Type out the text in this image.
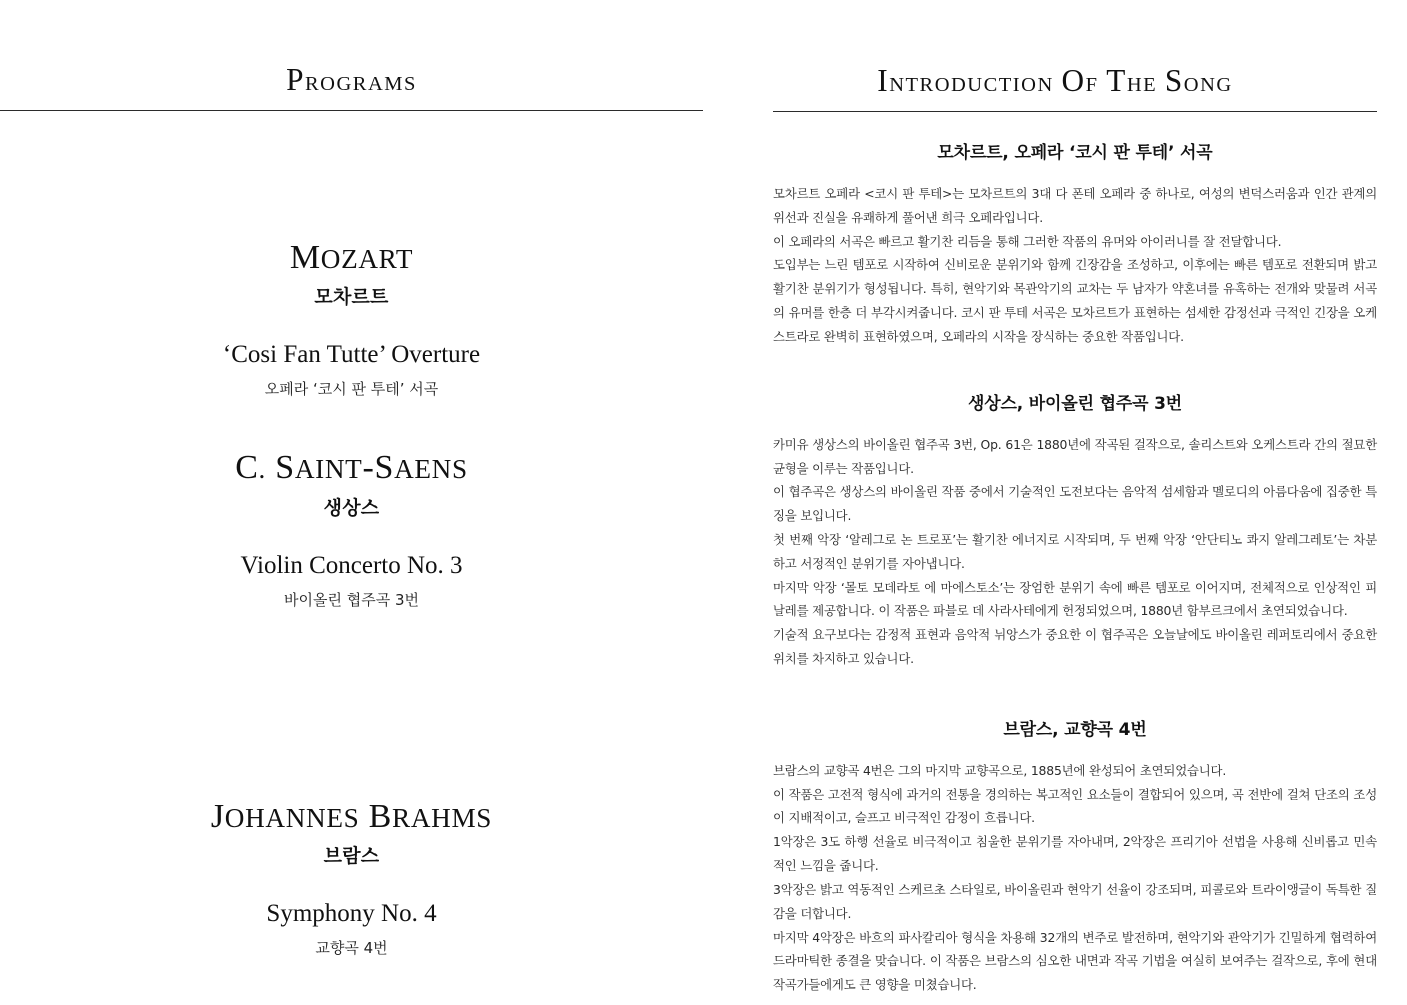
PROGRAMS
MOZART
모차르트
‘Cosi Fan Tutte’ Overture
오페라 ‘코시 판 투테’ 서곡
C. SAINT-SAENS
생상스
Violin Concerto No. 3
바이올린 협주곡 3번
JOHANNES BRAHMS
브람스
Symphony No. 4
교향곡 4번
INTRODUCTION OF THE SONG
모차르트, 오페라 ‘코시 판 투테’ 서곡

모차르트 오페라 <코시 판 투테>는 모차르트의 3대 다 폰테 오페라 중 하나로, 여성의 변덕스러움과 인간 관계의 위선과 진실을 유쾌하게 풀어낸 희극 오페라입니다.

이 오페라의 서곡은 빠르고 활기찬 리듬을 통해 그러한 작품의 유머와 아이러니를 잘 전달합니다.

도입부는 느린 템포로 시작하여 신비로운 분위기와 함께 긴장감을 조성하고, 이후에는 빠른 템포로 전환되며 밝고 활기찬 분위기가 형성됩니다. 특히, 현악기와 목관악기의 교차는 두 남자가 약혼녀를 유혹하는 전개와 맞물려 서곡의 유머를 한층 더 부각시켜줍니다. 코시 판 투테 서곡은 모차르트가 표현하는 섬세한 감정선과 극적인 긴장을 오케스트라로 완벽히 표현하였으며, 오페라의 시작을 장식하는 중요한 작품입니다.

생상스, 바이올린 협주곡 3번

카미유 생상스의 바이올린 협주곡 3번, Op. 61은 1880년에 작곡된 걸작으로, 솔리스트와 오케스트라 간의 절묘한 균형을 이루는 작품입니다.

이 협주곡은 생상스의 바이올린 작품 중에서 기술적인 도전보다는 음악적 섬세함과 멜로디의 아름다움에 집중한 특징을 보입니다.

첫 번째 악장 ‘알레그로 논 트로포’는 활기찬 에너지로 시작되며, 두 번째 악장 ‘안단티노 콰지 알레그레토’는 차분하고 서정적인 분위기를 자아냅니다.

마지막 악장 ‘몰토 모데라토 에 마에스토소’는 장엄한 분위기 속에 빠른 템포로 이어지며, 전체적으로 인상적인 피날레를 제공합니다. 이 작품은 파블로 데 사라사테에게 헌정되었으며, 1880년 함부르크에서 초연되었습니다.

기술적 요구보다는 감정적 표현과 음악적 뉘앙스가 중요한 이 협주곡은 오늘날에도 바이올린 레퍼토리에서 중요한 위치를 차지하고 있습니다.

브람스, 교향곡 4번

브람스의 교향곡 4번은 그의 마지막 교향곡으로, 1885년에 완성되어 초연되었습니다.

이 작품은 고전적 형식에 과거의 전통을 경의하는 복고적인 요소들이 결합되어 있으며, 곡 전반에 걸쳐 단조의 조성이 지배적이고, 슬프고 비극적인 감정이 흐릅니다.

1악장은 3도 하행 선율로 비극적이고 침울한 분위기를 자아내며, 2악장은 프리기아 선법을 사용해 신비롭고 민속적인 느낌을 줍니다.

3악장은 밝고 역동적인 스케르초 스타일로, 바이올린과 현악기 선율이 강조되며, 피콜로와 트라이앵글이 독특한 질감을 더합니다.

마지막 4악장은 바흐의 파사칼리아 형식을 차용해 32개의 변주로 발전하며, 현악기와 관악기가 긴밀하게 협력하여 드라마틱한 종결을 맞습니다. 이 작품은 브람스의 심오한 내면과 작곡 기법을 여실히 보여주는 걸작으로, 후에 현대 작곡가들에게도 큰 영향을 미쳤습니다.
